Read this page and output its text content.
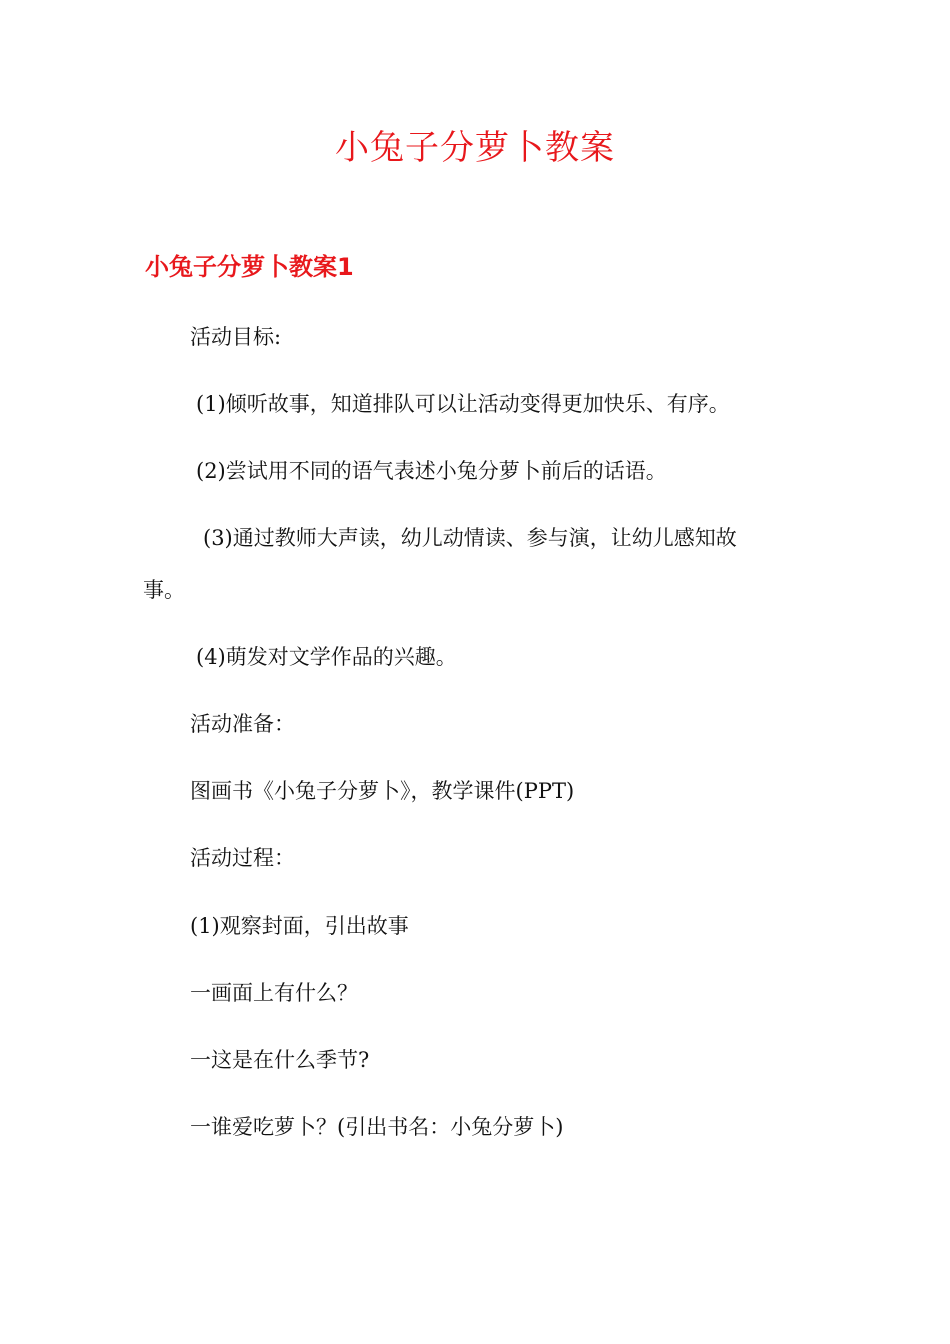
小兔子分萝卜教案
小兔子分萝卜教案1
活动目标:
(1)倾听故事，知道排队可以让活动变得更加快乐、有序。
(2)尝试用不同的语气表述小兔分萝卜前后的话语。
(3)通过教师大声读，幼儿动情读、参与演，让幼儿感知故
事。
(4)萌发对文学作品的兴趣。
活动准备：
图画书《小兔子分萝卜》，教学课件(PPT)
活动过程：
(1)观察封面，引出故事
一画面上有什么？
一这是在什么季节?
一谁爱吃萝卜？(引出书名：小兔分萝卜)
